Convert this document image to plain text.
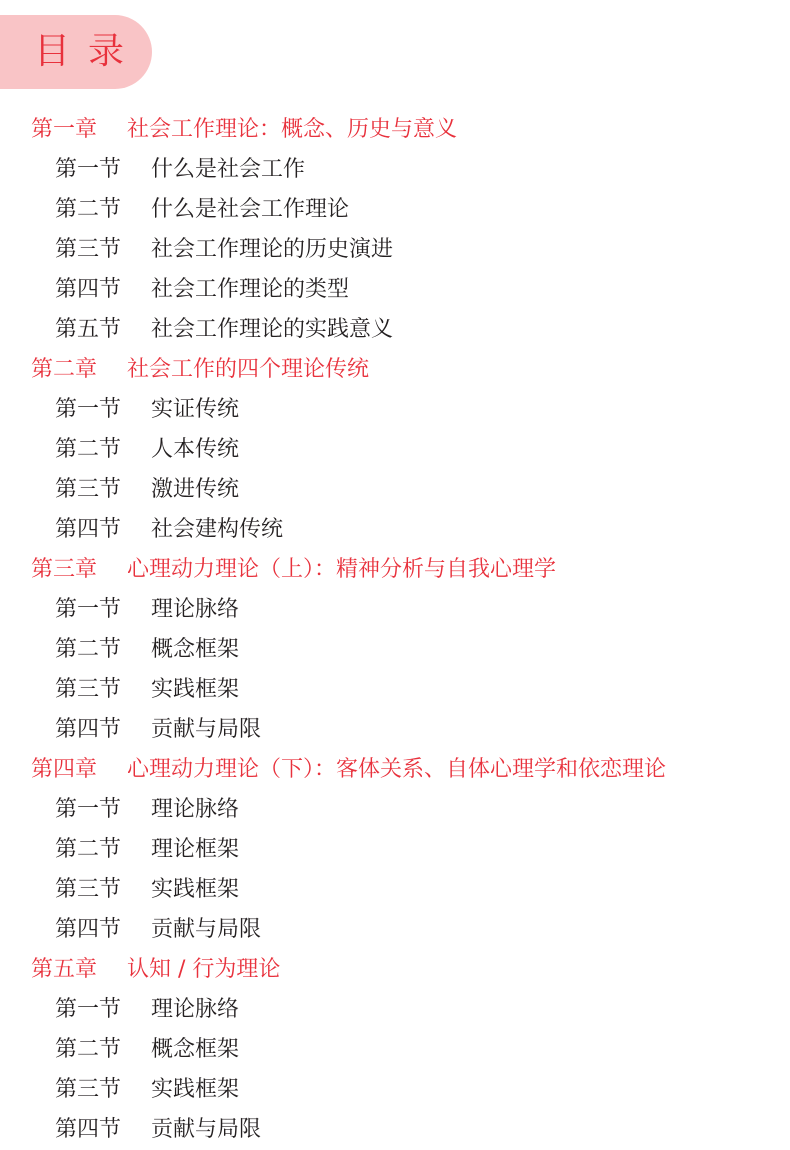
目录
第一章	社会工作理论：概念、历史与意义
第一节	什么是社会工作
第二节	什么是社会工作理论
第三节	社会工作理论的历史演进
第四节	社会工作理论的类型
第五节	社会工作理论的实践意义
第二章	社会工作的四个理论传统
第一节	实证传统
第二节	人本传统
第三节	激进传统
第四节	社会建构传统
第三章	心理动力理论（上）：精神分析与自我心理学
第一节	理论脉络
第二节	概念框架
第三节	实践框架
第四节	贡献与局限
第四章	心理动力理论（下）：客体关系、自体心理学和依恋理论
第一节	理论脉络
第二节	理论框架
第三节	实践框架
第四节	贡献与局限
第五章	认知 / 行为理论
第一节	理论脉络
第二节	概念框架
第三节	实践框架
第四节	贡献与局限
